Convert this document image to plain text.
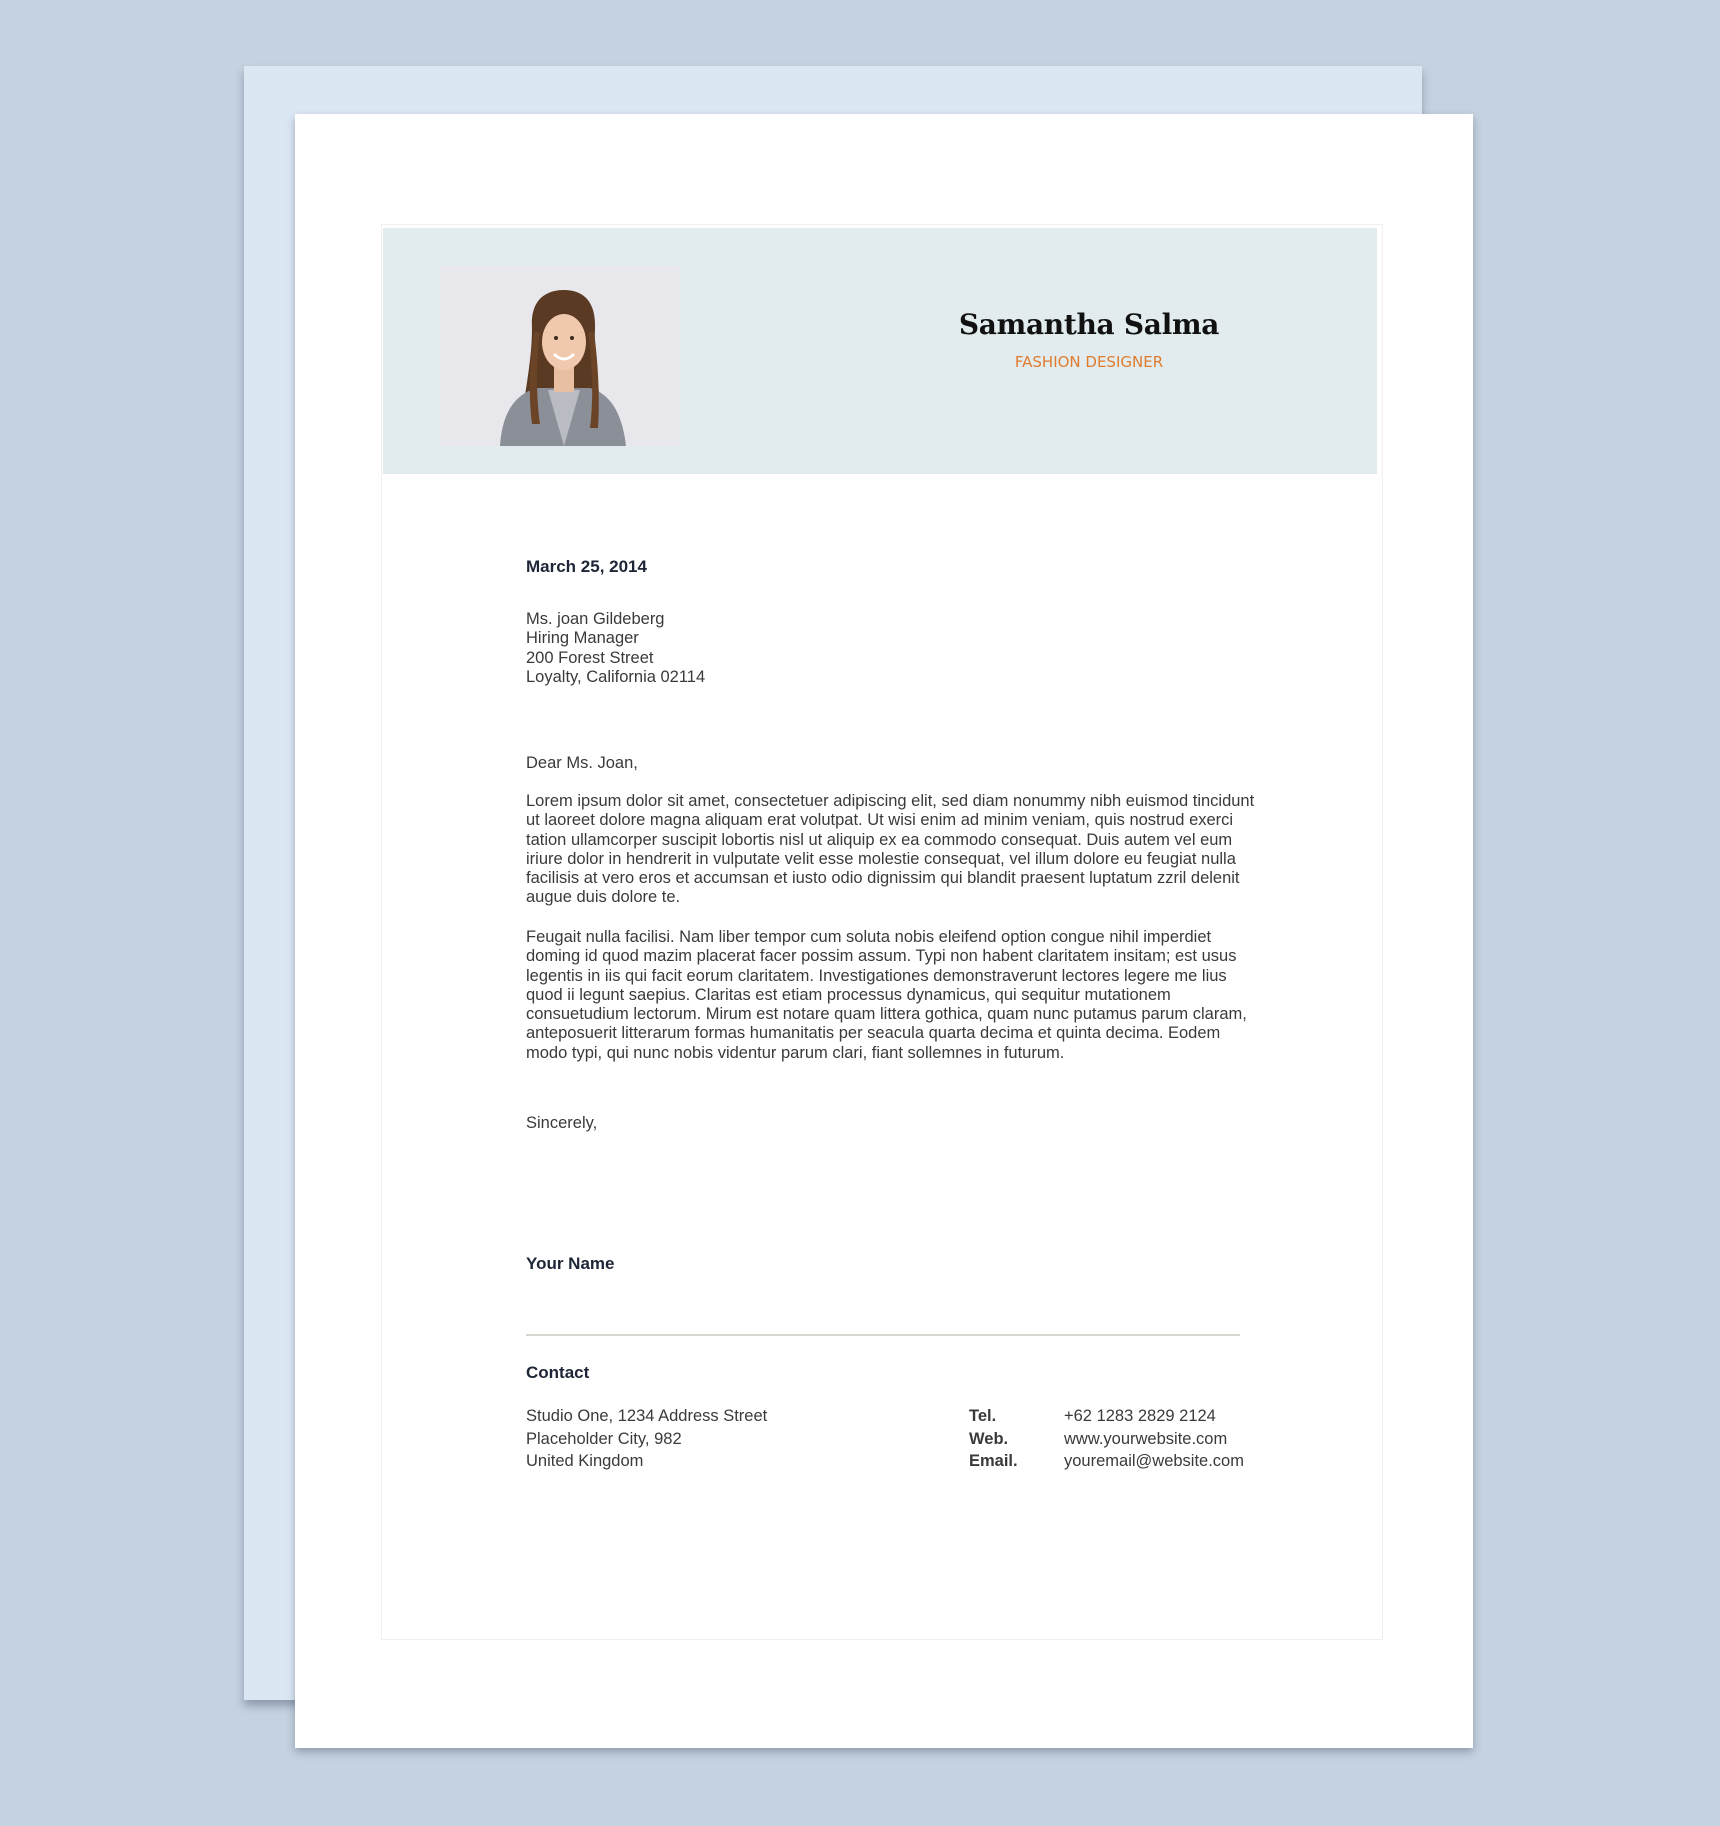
Samantha Salma
FASHION DESIGNER
March 25, 2014
Ms. joan Gildeberg
Hiring Manager
200 Forest Street
Loyalty, California 02114
Dear Ms. Joan,
Lorem ipsum dolor sit amet, consectetuer adipiscing elit, sed diam nonummy nibh euismod tincidunt ut laoreet dolore magna aliquam erat volutpat. Ut wisi enim ad minim veniam, quis nostrud exerci tation ullamcorper suscipit lobortis nisl ut aliquip ex ea commodo consequat. Duis autem vel eum iriure dolor in hendrerit in vulputate velit esse molestie consequat, vel illum dolore eu feugiat nulla facilisis at vero eros et accumsan et iusto odio dignissim qui blandit praesent luptatum zzril delenit augue duis dolore te.
Feugait nulla facilisi. Nam liber tempor cum soluta nobis eleifend option congue nihil imperdiet doming id quod mazim placerat facer possim assum. Typi non habent claritatem insitam; est usus legentis in iis qui facit eorum claritatem. Investigationes demonstraverunt lectores legere me lius quod ii legunt saepius. Claritas est etiam processus dynamicus, qui sequitur mutationem consuetudium lectorum. Mirum est notare quam littera gothica, quam nunc putamus parum claram, anteposuerit litterarum formas humanitatis per seacula quarta decima et quinta decima. Eodem modo typi, qui nunc nobis videntur parum clari, fiant sollemnes in futurum.
Sincerely,
Your Name
Contact
Studio One, 1234 Address Street
Placeholder City, 982
United Kingdom
Tel.
Web.
Email.
+62 1283 2829 2124
www.yourwebsite.com
youremail@website.com
